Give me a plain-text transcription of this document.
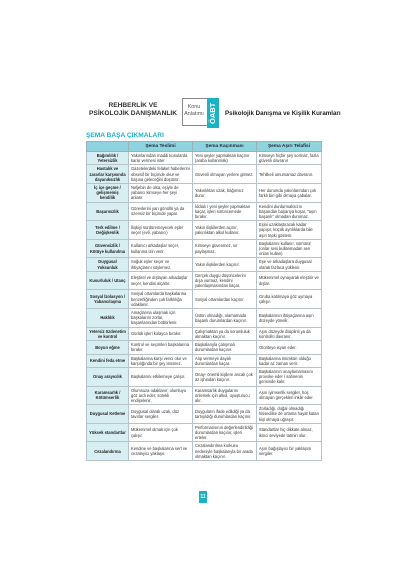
REHBERLİK VE
PSİKOLOJİK DANIŞMANLIK
Konu
Anlatımı ÖABT	Psikolojik Danışma ve Kişilik Kuramları
ŞEMA BAŞA ÇIKMALARI
	Şema Teslimi	Şema Kaçınması	Şema Aşırı Telafisi
Bağımlılık / Yetersizlik	Yakınlarından maddi konularda karar vermesi ister	Yeni şeyler yapmaktan kaçınır (araba kullanmak)	Kimseye hiçbir şey sormaz, fazla güvenli davranır
Hastalık ve zararlar karşısında dayanıksızlık	Gazetelerdeki felaket haberlerini obsesif bir biçimde okur ve başına geleceğini düşünür.	Güvenli olmayan yerlere gitmez.	Tehlikeli umursamaz davranır.
İç içe geçme / gelişmemiş kendilik	Neljebin de olsa, eşiyle de yabancı kimseye her şeyi anlatır.	Yakınlıktan uzak, bağımsız durur.	Her durumda yakınlarından çok farklı biri gibi olmaya çabalar.
Başarısızlık	Görevlerini yarı gönüllü ya da özensiz bir biçimde yapar.	İddialı / yeni şeyler yapmaktan kaçar, işleri sürüncemede bırakır.	Kendini durdurmaksızın başarıdan başarıya koşar, "aşırı başarılı" olmadan durumaz.
Terk edilme / Değişkenlik	İlişkiyi sürdüremeyecek eşler seçer (evli, yabancı)	Yakın ilişkilerden açınır, yakınlıktan alkol kullanır.	Eşini uzaklaştıracak kadar yapışır, küçük ayrılıklarda bile aşırı tepki gösterir.
Güvensizlik / Kötüye kullanılma	Kullanıcı arkadaşlar seçer, kullanma izin verir.	Kimseye güvenmez, sır paylaşmaz.	Başkalarını kullanır, sömürür (onlar seni kullanmadan sen onları kullan)
Duygusal Yoksunluk	Soğuk eşler seçer ve ihtiyaçlarını söylemez.	Yakın ilişkilerden kaçınır.	Eşe ve arkadaşlara duygusal olarak fazlaca yüklenir.
Kusurluluk / Utanç	Eleştirel ve dışlayan arkadaşlar seçer, kendini alçaltır.	Gerçek duygu düşüncelerini dışa vurmaz, kendini yakınlaşmasından kaçar.	Mükemmel oynayarak eleştirir ve dışlar.
Sosyal İzolasyon / Yabancılaşma	Sosyal ortamlarda başkalarına benzerliğinden çok farklılığa odaklanır.	Sosyal ortamlardan kaçınır.	Gruba katılmaya göz uymaya çalışır.
Haklılık	Amaçlarına ulaşmak için başkalarını zorlar, başarılarından böbürlenir.	Üstün olmadığı, olamamada başarılı durumlardan kaçınır.	Başkalarının ihtiyaçlarına aşırı düzeyde yönelir.
Yetersiz özdenetim ve kontrol	Gürlük işleri kolayca bırakır.	Çalışmaktan ya da sorumluluk almaktan kaçınır.	Aşırı düzeyde disiplinli ya da kontrollü davranır.
Boyun eğme	Kontrol ve seçimleri başkalarına bırakır.	Başkalarıyla çatışmalı durumlardan kaçınır.	Otoriteye isyan eder.
Kendini feda etme	Başkalarına karşı verici olur ve karşılığında bir şey istemez.	Alıp vermeye dayalı durumlardan kaçar.	Başkalarına mümkün olduğu kadar az zaman verir.
Onay arayıcılık	Başkalarını etkilemeye çalışır.	Onay- önemli kişilere ancak çok az işhindan kaçınır.	Başkalarının onaylamamasını provoke eder / sahnenin gerisinde kalır.
Karamsarlık / Kötümserlik	Olumsuza odaklanır; olumluyu göz ardı eder; sürekli endişelenir.	Karamsarlık duygularını önlemek için alkol, uyuşturucu alır.	Aşırı iyimserlik sergiler, hoş olmayan gerçekleri inkâr eder.
Duygusal Ketleme	Duygusal olarak uzak, düz tavırlar sergiler.	Duyguların ifade edildiği ya da tartışıldığı durumlardan kaçınır.	Zorladığı, doğal olmadığı hissedilse de ortama hayat katan kişi olmaya uğraşır.
Yüksek standartlar	Mükemmel olmak için çok çalışır.	Performansının değerlendirildiği durumlardan kaçınır, işleri erteler.	Standartlar hiç dikkate almaz, ikinci seviyede tatmin olur.
Cezalandırma	Kendine ve başkalarına sert ve cezalayıcı yaklaşır.	Cezalandırılma korkusu nedeniyle başkalarıyla bir arada olmaktan kaçınır.	Aşırı bağışlayıcı bir yaklaşım sergiler.
11
